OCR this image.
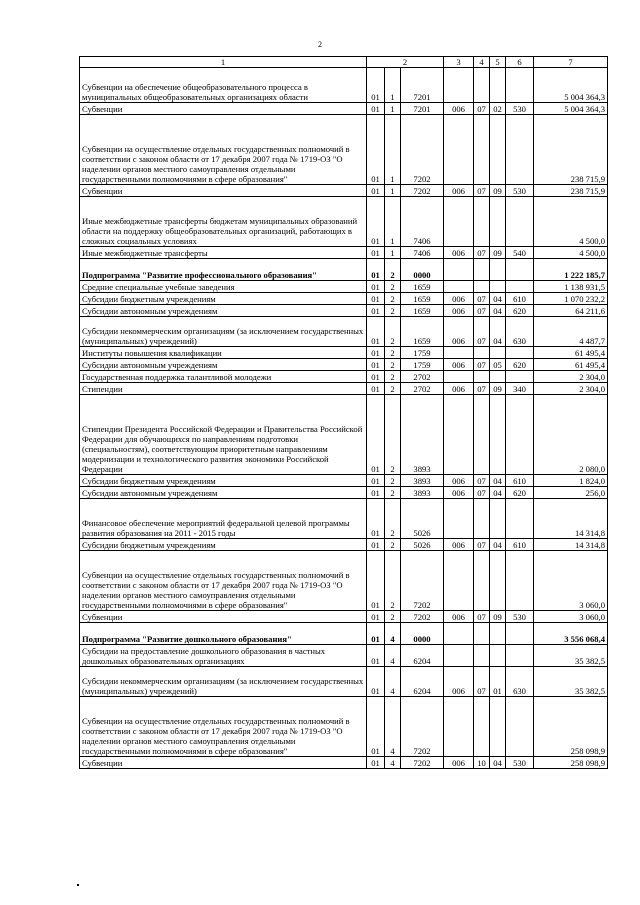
2
1	2			3	4	5	6	7
Субвенции на обеспечение общеобразовательного процесса в муниципальных общеобразовательных организациях области	01	1	7201					5 004 364,3
Субвенции	01	1	7201	006	07	02	530	5 004 364,3
Субвенции на осуществление отдельных государственных полномочий в соответствии с законом области от 17 декабря 2007 года № 1719-ОЗ "О наделении органов местного самоуправления отдельными государственными полномочиями в сфере образования"	01	1	7202					238 715,9
Субвенции	01	1	7202	006	07	09	530	238 715,9
Иные межбюджетные трансферты бюджетам муниципальных образований области на поддержку общеобразовательных организаций, работающих в сложных социальных условиях	01	1	7406					4 500,0
Иные межбюджетные трансферты	01	1	7406	006	07	09	540	4 500,0
Подпрограмма "Развитие профессионального образования"	01	2	0000					1 222 185,7
Средние специальные учебные заведения	01	2	1659					1 138 931,5
Субсидии бюджетным учреждениям	01	2	1659	006	07	04	610	1 070 232,2
Субсидии автономным учреждениям	01	2	1659	006	07	04	620	64 211,6
Субсидии некоммерческим организациям (за исключением государственных (муниципальных) учреждений)	01	2	1659	006	07	04	630	4 487,7
Институты повышения квалификации	01	2	1759					61 495,4
Субсидии автономным учреждениям	01	2	1759	006	07	05	620	61 495,4
Государственная поддержка талантливой молодежи	01	2	2702					2 304,0
Стипендии	01	2	2702	006	07	09	340	2 304,0
Стипендии Президента Российской Федерации и Правительства Российской Федерации для обучающихся по направлениям подготовки (специальностям), соответствующим приоритетным направлениям модернизации и технологического развития экономики Российской Федерации	01	2	3893					2 080,0
Субсидии бюджетным учреждениям	01	2	3893	006	07	04	610	1 824,0
Субсидии автономным учреждениям	01	2	3893	006	07	04	620	256,0
Финансовое обеспечение мероприятий федеральной целевой программы развития образования на 2011 - 2015 годы	01	2	5026					14 314,8
Субсидии бюджетным учреждениям	01	2	5026	006	07	04	610	14 314,8
Субвенции на осуществление отдельных государственных полномочий в соответствии с законом области от 17 декабря 2007 года № 1719-ОЗ "О наделении органов местного самоуправления отдельными государственными полномочиями в сфере образования"	01	2	7202					3 060,0
Субвенции	01	2	7202	006	07	09	530	3 060,0
Подпрограмма "Развитие дошкольного образования"	01	4	0000					3 556 068,4
Субсидии на предоставление дошкольного образования в частных дошкольных образовательных организациях	01	4	6204					35 382,5
Субсидии некоммерческим организациям (за исключением государственных (муниципальных) учреждений)	01	4	6204	006	07	01	630	35 382,5
Субвенции на осуществление отдельных государственных полномочий в соответствии с законом области от 17 декабря 2007 года № 1719-ОЗ "О наделении органов местного самоуправления отдельными государственными полномочиями в сфере образования"	01	4	7202					258 098,9
Субвенции	01	4	7202	006	10	04	530	258 098,9
